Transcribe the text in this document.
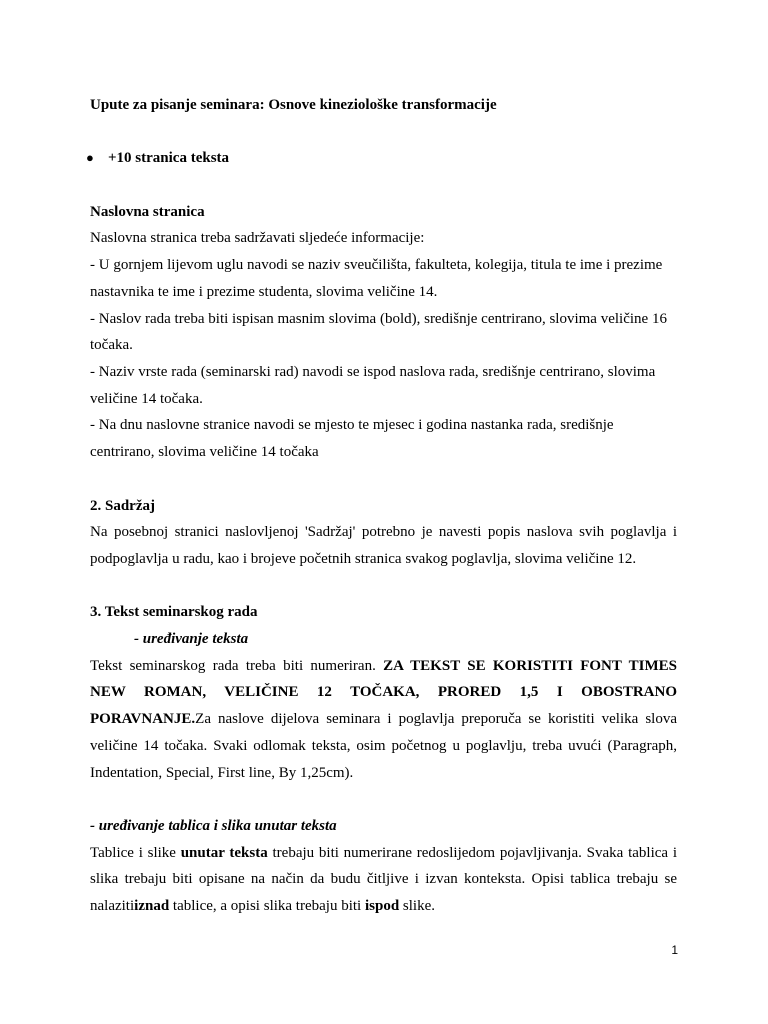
Upute za pisanje seminara: Osnove kineziološke transformacije

● +10 stranica teksta

Naslovna stranica

Naslovna stranica treba sadržavati sljedeće informacije:

- U gornjem lijevom uglu navodi se naziv sveučilišta, fakulteta, kolegija, titula te ime i prezime

nastavnika te ime i prezime studenta, slovima veličine 14.

- Naslov rada treba biti ispisan masnim slovima (bold), središnje centrirano, slovima veličine 16

točaka.

- Naziv vrste rada (seminarski rad) navodi se ispod naslova rada, središnje centrirano, slovima

veličine 14 točaka.

- Na dnu naslovne stranice navodi se mjesto te mjesec i godina nastanka rada, središnje

centrirano, slovima veličine 14 točaka

2. Sadržaj

Na posebnoj stranici naslovljenoj 'Sadržaj' potrebno je navesti popis naslova svih poglavlja i podpoglavlja u radu, kao i brojeve početnih stranica svakog poglavlja, slovima veličine 12.

3. Tekst seminarskog rada

- uređivanje teksta

Tekst seminarskog rada treba biti numeriran. ZA TEKST SE KORISTITI FONT TIMES NEW ROMAN, VELIČINE 12 TOČAKA, PRORED 1,5 I OBOSTRANO PORAVNANJE.Za naslove dijelova seminara i poglavlja preporuča se koristiti velika slova veličine 14 točaka. Svaki odlomak teksta, osim početnog u poglavlju, treba uvući (Paragraph, Indentation, Special, First line, By 1,25cm).

- uređivanje tablica i slika unutar teksta

Tablice i slike unutar teksta trebaju biti numerirane redoslijedom pojavljivanja. Svaka tablica i slika trebaju biti opisane na način da budu čitljive i izvan konteksta. Opisi tablica trebaju se nalazitiiznad tablice, a opisi slika trebaju biti ispod slike.

1
